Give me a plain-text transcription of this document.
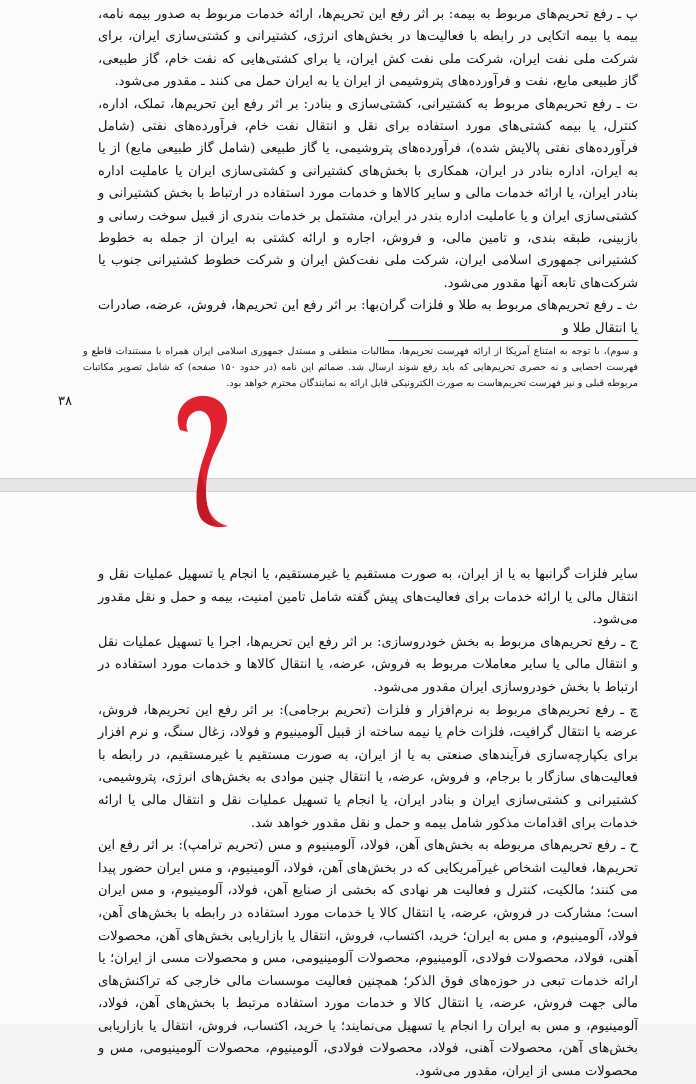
پ ـ رفع تحریم‌های مربوط به بیمه: بر اثر رفع این تحریم‌ها، ارائه خدمات مربوط به صدور بیمه نامه، بیمه یا بیمه اتکایی در رابطه با فعالیت‌ها در بخش‌های انرژی، کشتیرانی و کشتی‌سازی ایران، برای شرکت ملی نفت ایران، شرکت ملی نفت کش ایران، یا برای کشتی‌هایی که نفت خام، گاز طبیعی، گاز طبیعی مایع، نفت و فرآورده‌های پتروشیمی از ایران یا به ایران حمل می کنند ـ مقدور می‌شود.

ت ـ رفع تحریم‌های مربوط به کشتیرانی، کشتی‌سازی و بنادر: بر اثر رفع این تحریم‌ها، تملک، اداره، کنترل، یا بیمه کشتی‌های مورد استفاده برای نقل و انتقال نفت خام، فرآورده‌های نفتی (شامل فرآورده‌های نفتی پالایش شده)، فرآورده‌های پتروشیمی، یا گاز طبیعی (شامل گاز طبیعی مایع) از یا به ایران، اداره بنادر در ایران، همکاری با بخش‌های کشتیرانی و کشتی‌سازی ایران یا عاملیت اداره بنادر ایران، یا ارائه خدمات مالی و سایر کالاها و خدمات مورد استفاده در ارتباط با بخش کشتیرانی و کشتی‌سازی ایران و یا عاملیت اداره بندر در ایران، مشتمل بر خدمات بندری از قبیل سوخت رسانی و بازبینی، طبقه بندی، و تامین مالی، و فروش، اجاره و ارائه کشتی به ایران از جمله به خطوط کشتیرانی جمهوری اسلامی ایران، شرکت ملی نفت‌کش ایران و شرکت خطوط کشتیرانی جنوب یا شرکت‌های تابعه آنها مقدور می‌شود.

ث ـ رفع تحریم‌های مربوط به طلا و فلزات گران‌بها: بر اثر رفع این تحریم‌ها، فروش، عرضه، صادرات یا انتقال طلا و

و سوم)، با توجه به امتناع آمریکا از ارائه فهرست تحریم‌ها، مطالبات منطقی و مستدل جمهوری اسلامی ایران همراه با مستندات قاطع و فهرست احصایی و نه حصری تحریم‌هایی که باید رفع شوند ارسال شد. ضمائم این نامه (در حدود ۱۵۰ صفحه) که شامل تصویر مکاتبات مربوطه قبلی و نیز فهرست تحریم‌هاست به صورت الکترونیکی قابل ارائه به نمایندگان محترم خواهد بود.
۳۸

سایر فلزات گرانبها به یا از ایران، به صورت مستقیم یا غیرمستقیم‌، یا انجام یا تسهیل عملیات نقل و انتقال مالی یا ارائه خدمات برای فعالیت‌های پیش گفته شامل تامین امنیت، بیمه و حمل و نقل مقدور می‌شود.

ج ـ رفع تحریم‌های مربوط به بخش خودروسازی: بر اثر رفع این تحریم‌ها، اجرا یا تسهیل عملیات نقل و انتقال مالی یا سایر معاملات مربوط به فروش، عرضه، یا انتقال کالاها و خدمات مورد استفاده در ارتباط با بخش خودروسازی ایران مقدور می‌شود.

چ ـ رفع تحریم‌های مربوط به نرم‌افزار و فلزات (تحریم برجامی): بر اثر رفع این تحریم‌ها، فروش، عرضه یا انتقال گرافیت، فلزات خام یا نیمه ساخته از قبیل آلومینیوم و فولاد، زغال سنگ، و نرم افزار برای یکپارچه‌سازی فرآیندهای صنعتی به یا از ایران، به صورت مستقیم یا غیرمستقیم، در رابطه با فعالیت‌های سازگار با برجام، و فروش، عرضه، یا انتقال چنین موادی به بخش‌های انرژی، پتروشیمی، کشتیرانی و کشتی‌سازی ایران و بنادر ایران، یا انجام یا تسهیل عملیات نقل و انتقال مالی یا ارائه خدمات برای اقدامات مذکور شامل بیمه و حمل و نقل مقدور خواهد شد.

ح ـ رفع تحریم‌های مربوطه به بخش‌های آهن، فولاد، آلومینیوم و مس (تحریم ترامپ): بر اثر رفع این تحریم‌ها، فعالیت اشخاص غیرآمریکایی که در بخش‌های آهن، فولاد، آلومینیوم، و مس ایران حضور پیدا می کنند؛ مالکیت، کنترل و فعالیت هر نهادی که بخشی از صنایع آهن، فولاد، آلومینیوم، و مس ایران است؛ مشارکت در فروش، عرضه، یا انتقال کالا یا خدمات مورد استفاده در رابطه با بخش‌های آهن، فولاد، آلومینیوم، و مس به ایران؛ خرید، اکتساب، فروش، انتقال یا بازاریابی بخش‌های آهن، محصولات آهنی، فولاد، محصولات فولادی، آلومینیوم، محصولات آلومینیومی، مس و محصولات مسی از ایران؛ یا ارائه خدمات تبعی در حوزه‌های فوق الذکر؛ همچنین فعالیت موسسات مالی خارجی که تراکنش‌های مالی جهت فروش، عرضه، یا انتقال کالا و خدمات مورد استفاده مرتبط با بخش‌های آهن، فولاد، آلومینیوم، و مس به ایران را انجام یا تسهیل می‌نمایند؛ یا خرید، اکتساب، فروش، انتقال یا بازاریابی بخش‌های آهن، محصولات آهنی، فولاد، محصولات فولادی، آلومینیوم، محصولات آلومینیومی، مس و محصولات مسی از ایران، مقدور می‌شود.
